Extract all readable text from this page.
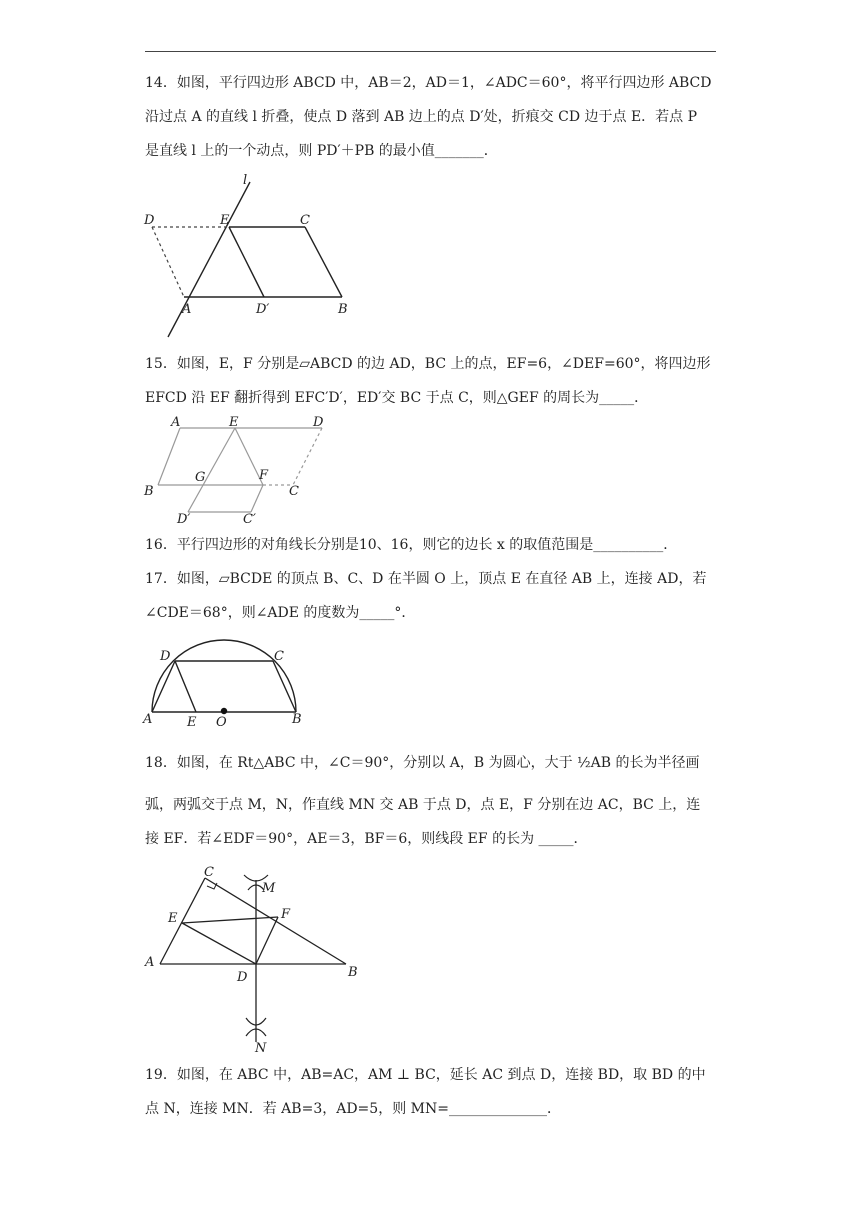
14．如图，平行四边形 ABCD 中，AB＝2，AD＝1，∠ADC＝60°，将平行四边形 ABCD
沿过点 A 的直线 l 折叠，使点 D 落到 AB 边上的点 D′处，折痕交 CD 边于点 E．若点 P
是直线 l 上的一个动点，则 PD′＋PB 的最小值_______．
l
D	E	C
A	D′	B
15．如图，E，F 分别是▱ABCD 的边 AD，BC 上的点，EF=6，∠DEF=60°，将四边形
EFCD 沿 EF 翻折得到 EFC′D′，ED′交 BC 于点 C，则△GEF 的周长为_____．
A	E	D
G	F
B	C
D′	C′
16．平行四边形的对角线长分别是10、16，则它的边长 x 的取值范围是__________．
17．如图，▱BCDE 的顶点 B、C、D 在半圆 O 上，顶点 E 在直径 AB 上，连接 AD，若
∠CDE＝68°，则∠ADE 的度数为_____°．
D	C
A	E O	B
18．如图，在 Rt△ABC 中，∠C＝90°，分别以 A，B 为圆心，大于 ½AB 的长为半径画
弧，两弧交于点 M，N，作直线 MN 交 AB 于点 D，点 E，F 分别在边 AC，BC 上，连
接 EF．若∠EDF＝90°，AE＝3，BF＝6，则线段 EF 的长为 _____．
C
M
E	F
A
D	B
N
19．如图，在 ABC 中，AB=AC，AM ⊥ BC，延长 AC 到点 D，连接 BD，取 BD 的中
点 N，连接 MN．若 AB=3，AD=5，则 MN=______________．
